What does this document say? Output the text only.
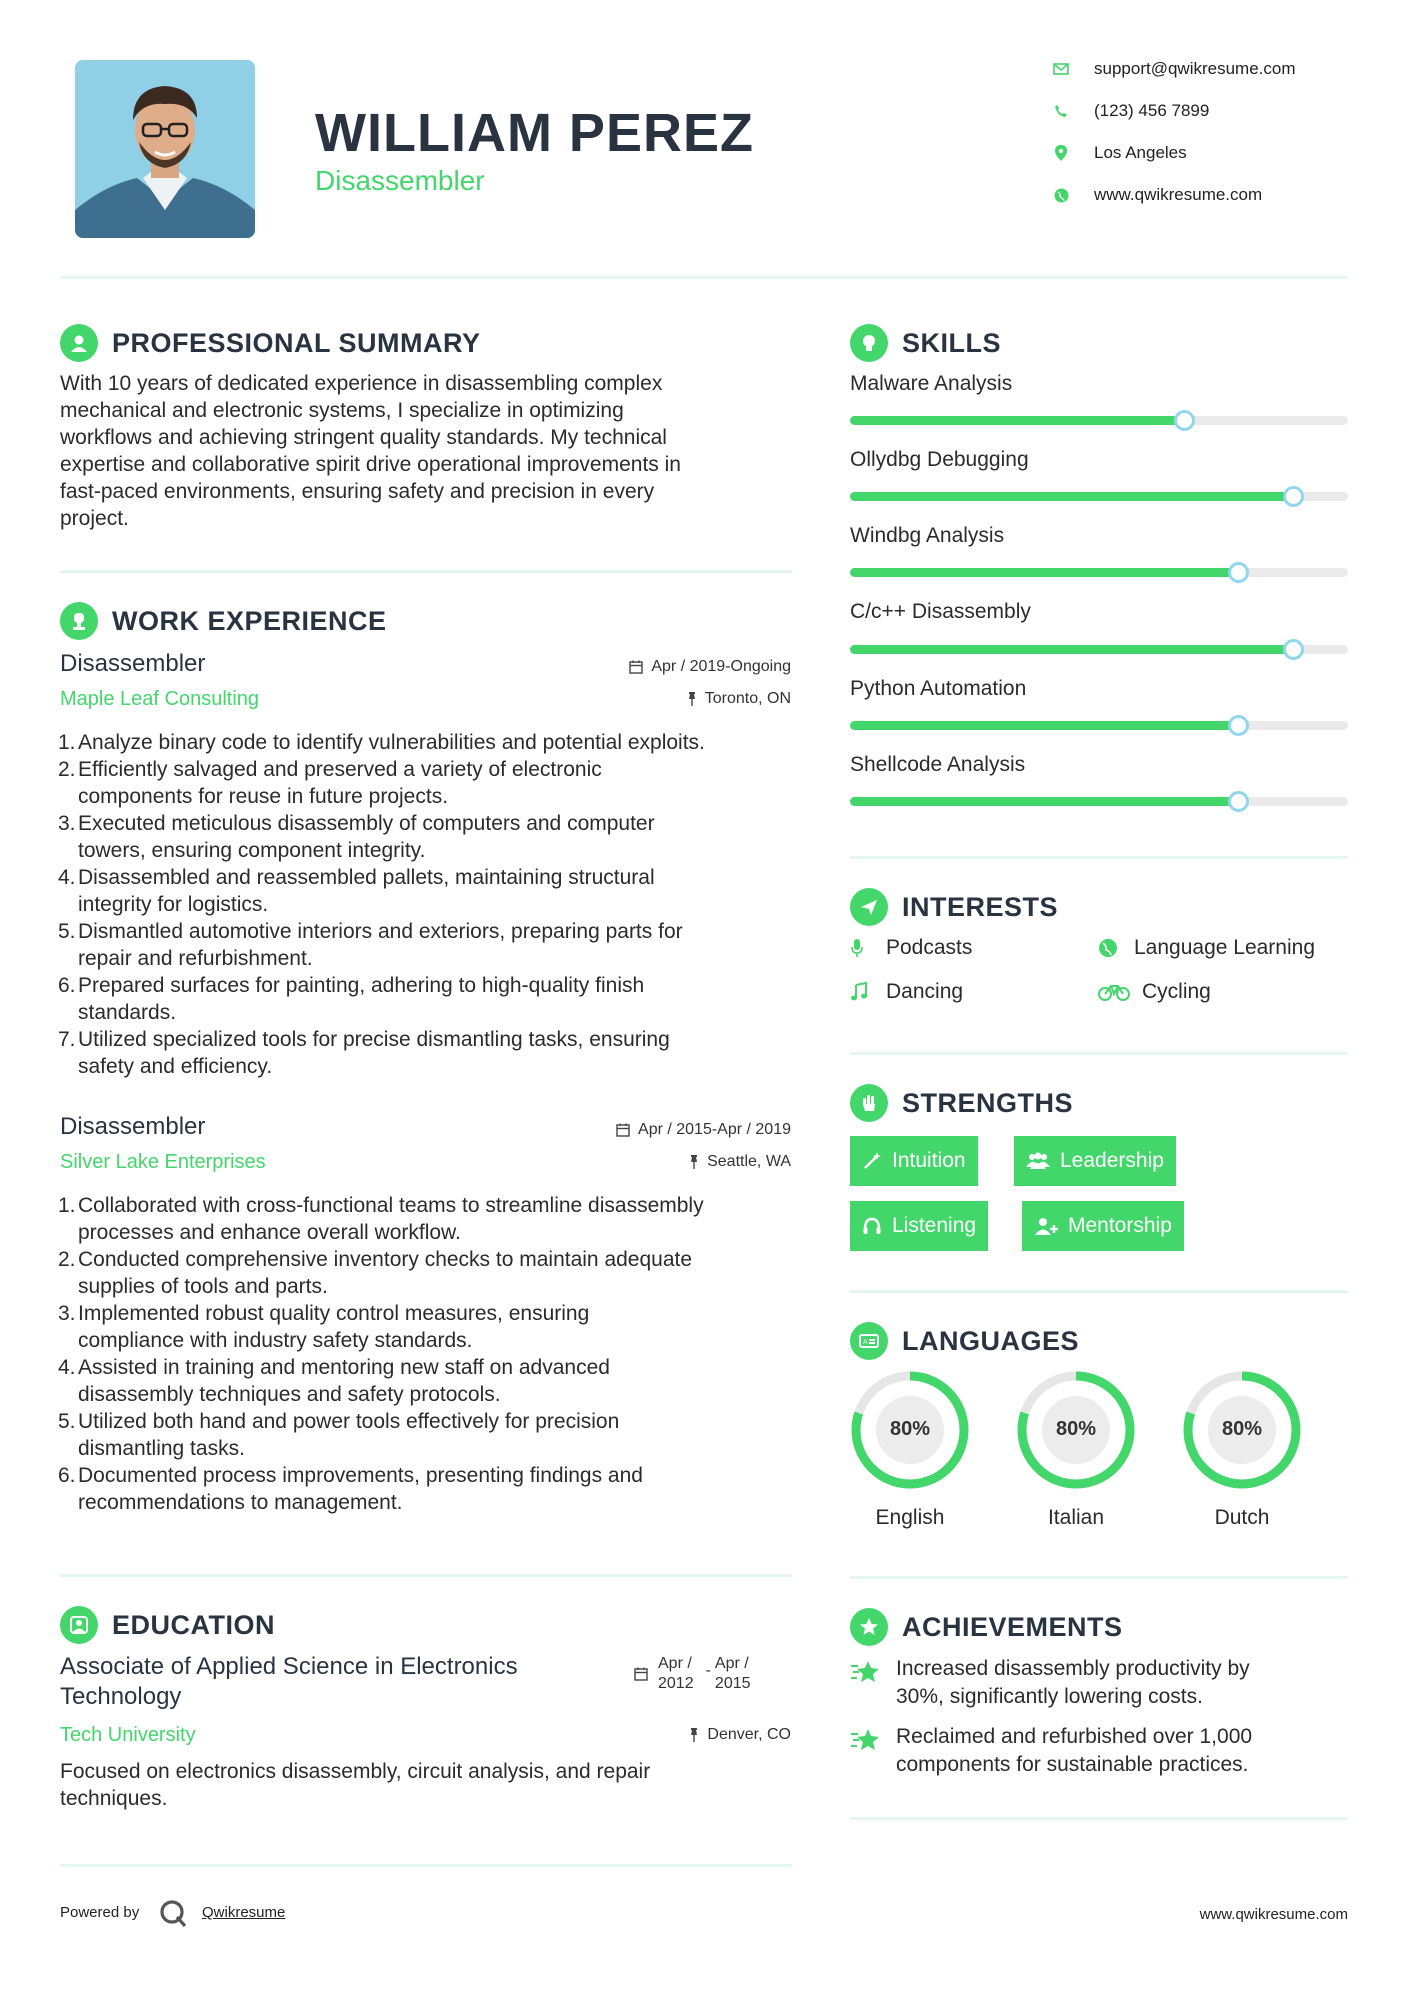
WILLIAM PEREZ
Disassembler
support@qwikresume.com
(123) 456 7899
Los Angeles
www.qwikresume.com
PROFESSIONAL SUMMARY
With 10 years of dedicated experience in disassembling complex
mechanical and electronic systems, I specialize in optimizing
workflows and achieving stringent quality standards. My technical
expertise and collaborative spirit drive operational improvements in
fast-paced environments, ensuring safety and precision in every
project.
WORK EXPERIENCE
Disassembler
Maple Leaf Consulting
Apr / 2019-Ongoing
Toronto, ON
1. Analyze binary code to identify vulnerabilities and potential exploits.
2. Efficiently salvaged and preserved a variety of electronic
components for reuse in future projects.
3. Executed meticulous disassembly of computers and computer
towers, ensuring component integrity.
4. Disassembled and reassembled pallets, maintaining structural
integrity for logistics.
5. Dismantled automotive interiors and exteriors, preparing parts for
repair and refurbishment.
6. Prepared surfaces for painting, adhering to high-quality finish
standards.
7. Utilized specialized tools for precise dismantling tasks, ensuring
safety and efficiency.
Disassembler
Silver Lake Enterprises
Apr / 2015-Apr / 2019
Seattle, WA
1. Collaborated with cross-functional teams to streamline disassembly
processes and enhance overall workflow.
2. Conducted comprehensive inventory checks to maintain adequate
supplies of tools and parts.
3. Implemented robust quality control measures, ensuring
compliance with industry safety standards.
4. Assisted in training and mentoring new staff on advanced
disassembly techniques and safety protocols.
5. Utilized both hand and power tools effectively for precision
dismantling tasks.
6. Documented process improvements, presenting findings and
recommendations to management.
EDUCATION
Associate of Applied Science in Electronics
Technology
Apr /
2012
- Apr /
2015
Tech University	Denver, CO
Focused on electronics disassembly, circuit analysis, and repair
techniques.
SKILLS
Malware Analysis
Ollydbg Debugging
Windbg Analysis
C/c++ Disassembly
Python Automation
Shellcode Analysis
INTERESTS
Podcasts	Language Learning
Dancing	Cycling
STRENGTHS
Intuition	Leadership
Listening	Mentorship
A LANGUAGES
80%
English
80%
Italian
80%
Dutch
ACHIEVEMENTS
Increased disassembly productivity by
30%, significantly lowering costs.
Reclaimed and refurbished over 1,000
components for sustainable practices.
Powered by	Qwikresume	www.qwikresume.com
